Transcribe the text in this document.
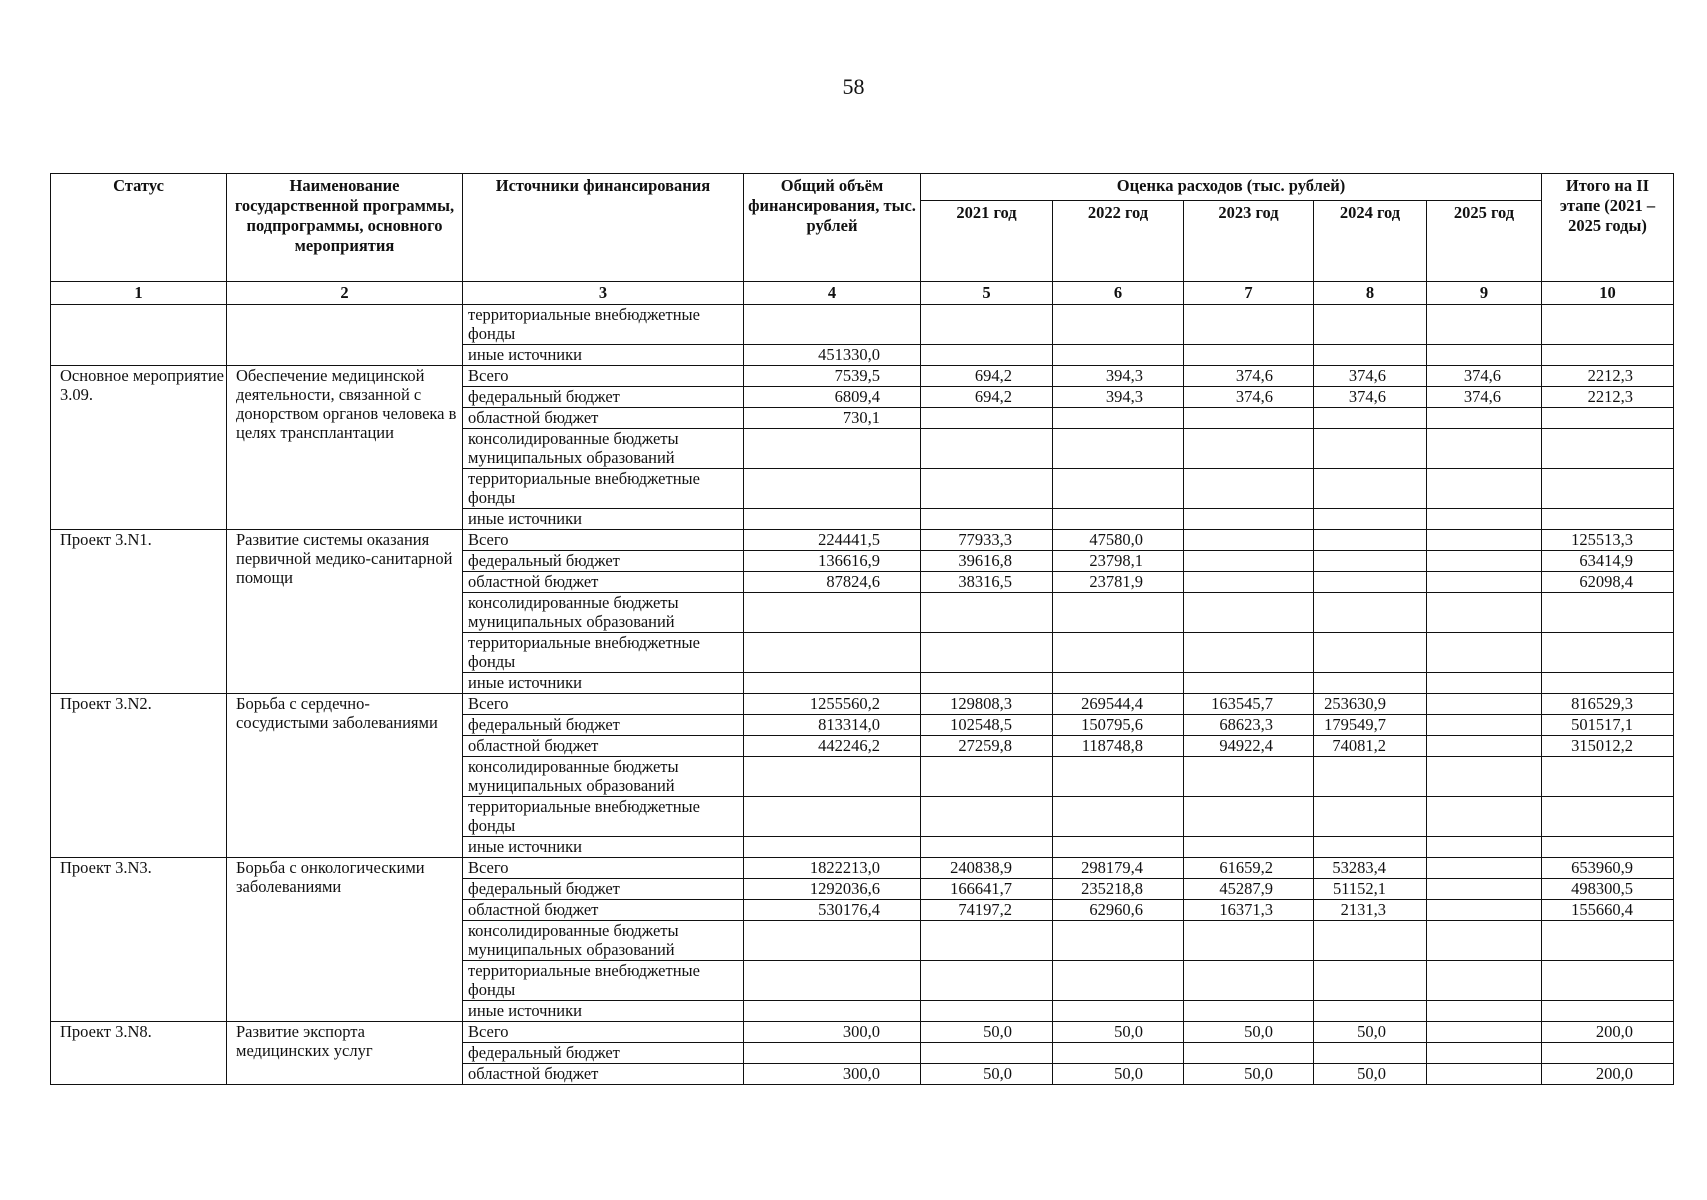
58
Статус	Наименование государственной программы, подпрограммы, основного мероприятия	Источники финансирования	Общий объём финансирования, тыс. рублей	Оценка расходов (тыс. рублей)					Итого на II этапе (2021 – 2025 годы)
				2021 год	2022 год	2023 год	2024 год	2025 год	
1	2	3	4	5	6	7	8	9	10
		территориальные внебюджетные фонды							
		иные источники	451330,0						
Основное мероприятие 3.09.	Обеспечение медицинской деятельности, связанной с донорством органов человека в целях трансплантации	Всего	7539,5	694,2	394,3	374,6	374,6	374,6	2212,3
		федеральный бюджет	6809,4	694,2	394,3	374,6	374,6	374,6	2212,3
		областной бюджет	730,1						
		консолидированные бюджеты муниципальных образований							
		территориальные внебюджетные фонды							
		иные источники							
Проект 3.N1.	Развитие системы оказания первичной медико-санитарной помощи	Всего	224441,5	77933,3	47580,0				125513,3
		федеральный бюджет	136616,9	39616,8	23798,1				63414,9
		областной бюджет	87824,6	38316,5	23781,9				62098,4
		консолидированные бюджеты муниципальных образований							
		территориальные внебюджетные фонды							
		иные источники							
Проект 3.N2.	Борьба с сердечно-сосудистыми заболеваниями	Всего	1255560,2	129808,3	269544,4	163545,7	253630,9		816529,3
		федеральный бюджет	813314,0	102548,5	150795,6	68623,3	179549,7		501517,1
		областной бюджет	442246,2	27259,8	118748,8	94922,4	74081,2		315012,2
		консолидированные бюджеты муниципальных образований							
		территориальные внебюджетные фонды							
		иные источники							
Проект 3.N3.	Борьба с онкологическими заболеваниями	Всего	1822213,0	240838,9	298179,4	61659,2	53283,4		653960,9
		федеральный бюджет	1292036,6	166641,7	235218,8	45287,9	51152,1		498300,5
		областной бюджет	530176,4	74197,2	62960,6	16371,3	2131,3		155660,4
		консолидированные бюджеты муниципальных образований							
		территориальные внебюджетные фонды							
		иные источники							
Проект 3.N8.	Развитие экспорта медицинских услуг	Всего	300,0	50,0	50,0	50,0	50,0		200,0
		федеральный бюджет							
		областной бюджет	300,0	50,0	50,0	50,0	50,0		200,0
